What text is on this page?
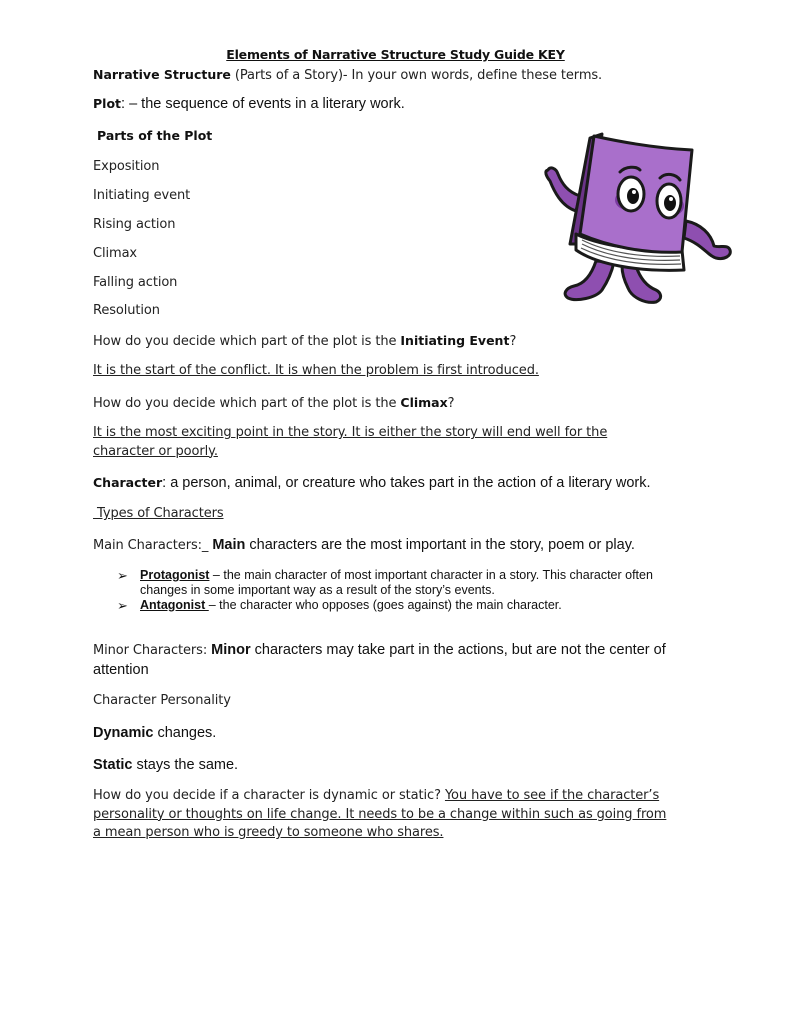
Elements of Narrative Structure Study Guide KEY
Narrative Structure (Parts of a Story)- In your own words, define these terms.
Plot: – the sequence of events in a literary work.
Parts of the Plot
Exposition
Initiating event
Rising action
Climax
Falling action
Resolution
How do you decide which part of the plot is the Initiating Event?
It is the start of the conflict. It is when the problem is first introduced.
How do you decide which part of the plot is the Climax?
It is the most exciting point in the story. It is either the story will end well for the character or poorly.
Character: a person, animal, or creature who takes part in the action of a literary work.
Types of Characters
Main Characters:_ Main characters are the most important in the story, poem or play.
➢ Protagonist – the main character of most important character in a story. This character often changes in some important way as a result of the story’s events.
➢ Antagonist – the character who opposes (goes against) the main character.
Minor Characters: Minor characters may take part in the actions, but are not the center of attention
Character Personality
Dynamic changes.
Static stays the same.
How do you decide if a character is dynamic or static? You have to see if the character’s personality or thoughts on life change. It needs to be a change within such as going from a mean person who is greedy to someone who shares.
